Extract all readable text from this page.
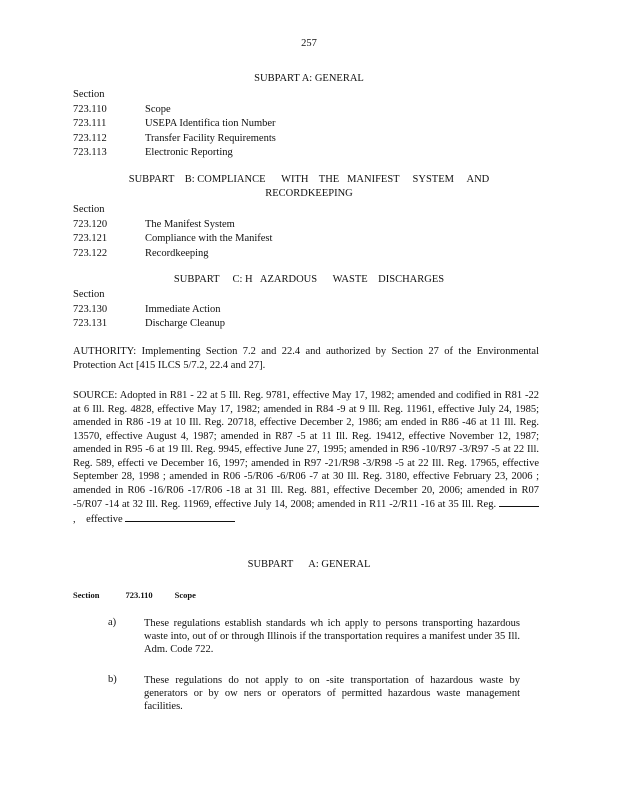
257
SUBPART A: GENERAL
Section
723.110	Scope
723.111	USEPA Identifica tion Number
723.112	Transfer Facility Requirements
723.113	Electronic Reporting
SUBPART    B: COMPLIANCE      WITH    THE   MANIFEST     SYSTEM     AND
RECORDKEEPING
Section
723.120	The Manifest System
723.121	Compliance with the Manifest
723.122	Recordkeeping
SUBPART     C: H   AZARDOUS      WASTE    DISCHARGES
Section
723.130	Immediate Action
723.131	Discharge Cleanup
AUTHORITY: Implementing Section 7.2 and 22.4 and authorized by Section 27 of the Environmental Protection Act [415 ILCS 5/7.2, 22.4 and 27].
SOURCE: Adopted in R81 - 22 at 5 Ill. Reg. 9781, effective May 17, 1982; amended and codified in R81 -22 at 6 Ill. Reg. 4828, effective May 17, 1982; amended in R84 -9 at 9 Ill. Reg. 11961, effective July 24, 1985; amended in R86 -19 at 10 Ill. Reg. 20718, effective December 2, 1986; am ended in R86 -46 at 11 Ill. Reg. 13570, effective August 4, 1987; amended in R87 -5 at 11 Ill. Reg. 19412, effective November 12, 1987; amended in R95 -6 at 19 Ill. Reg. 9945, effective June 27, 1995; amended in R96 -10/R97 -3/R97 -5 at 22 Ill. Reg. 589, effecti ve December 16, 1997; amended in R97 -21/R98 -3/R98 -5 at 22 Ill. Reg. 17965, effective September 28, 1998 ; amended in R06 -5/R06 -6/R06 -7 at 30 Ill. Reg. 3180, effective February 23, 2006 ; amended in R06 -16/R06 -17/R06 -18 at 31 Ill. Reg. 881, effective December 20, 2006; amended in R07 -5/R07 -14 at 32 Ill. Reg. 11969, effective July 14, 2008; amended in R11 -2/R11 -16 at 35 Ill. Reg. , effective
SUBPART      A: GENERAL
Section	723.110	Scope
a)	These regulations establish standards wh ich apply to persons transporting hazardous waste into, out of or through Illinois if the transportation requires a manifest under 35 Ill. Adm. Code 722.
b)	These regulations do not apply to on -site transportation of hazardous waste by generators or by ow ners or operators of permitted hazardous waste management facilities.
